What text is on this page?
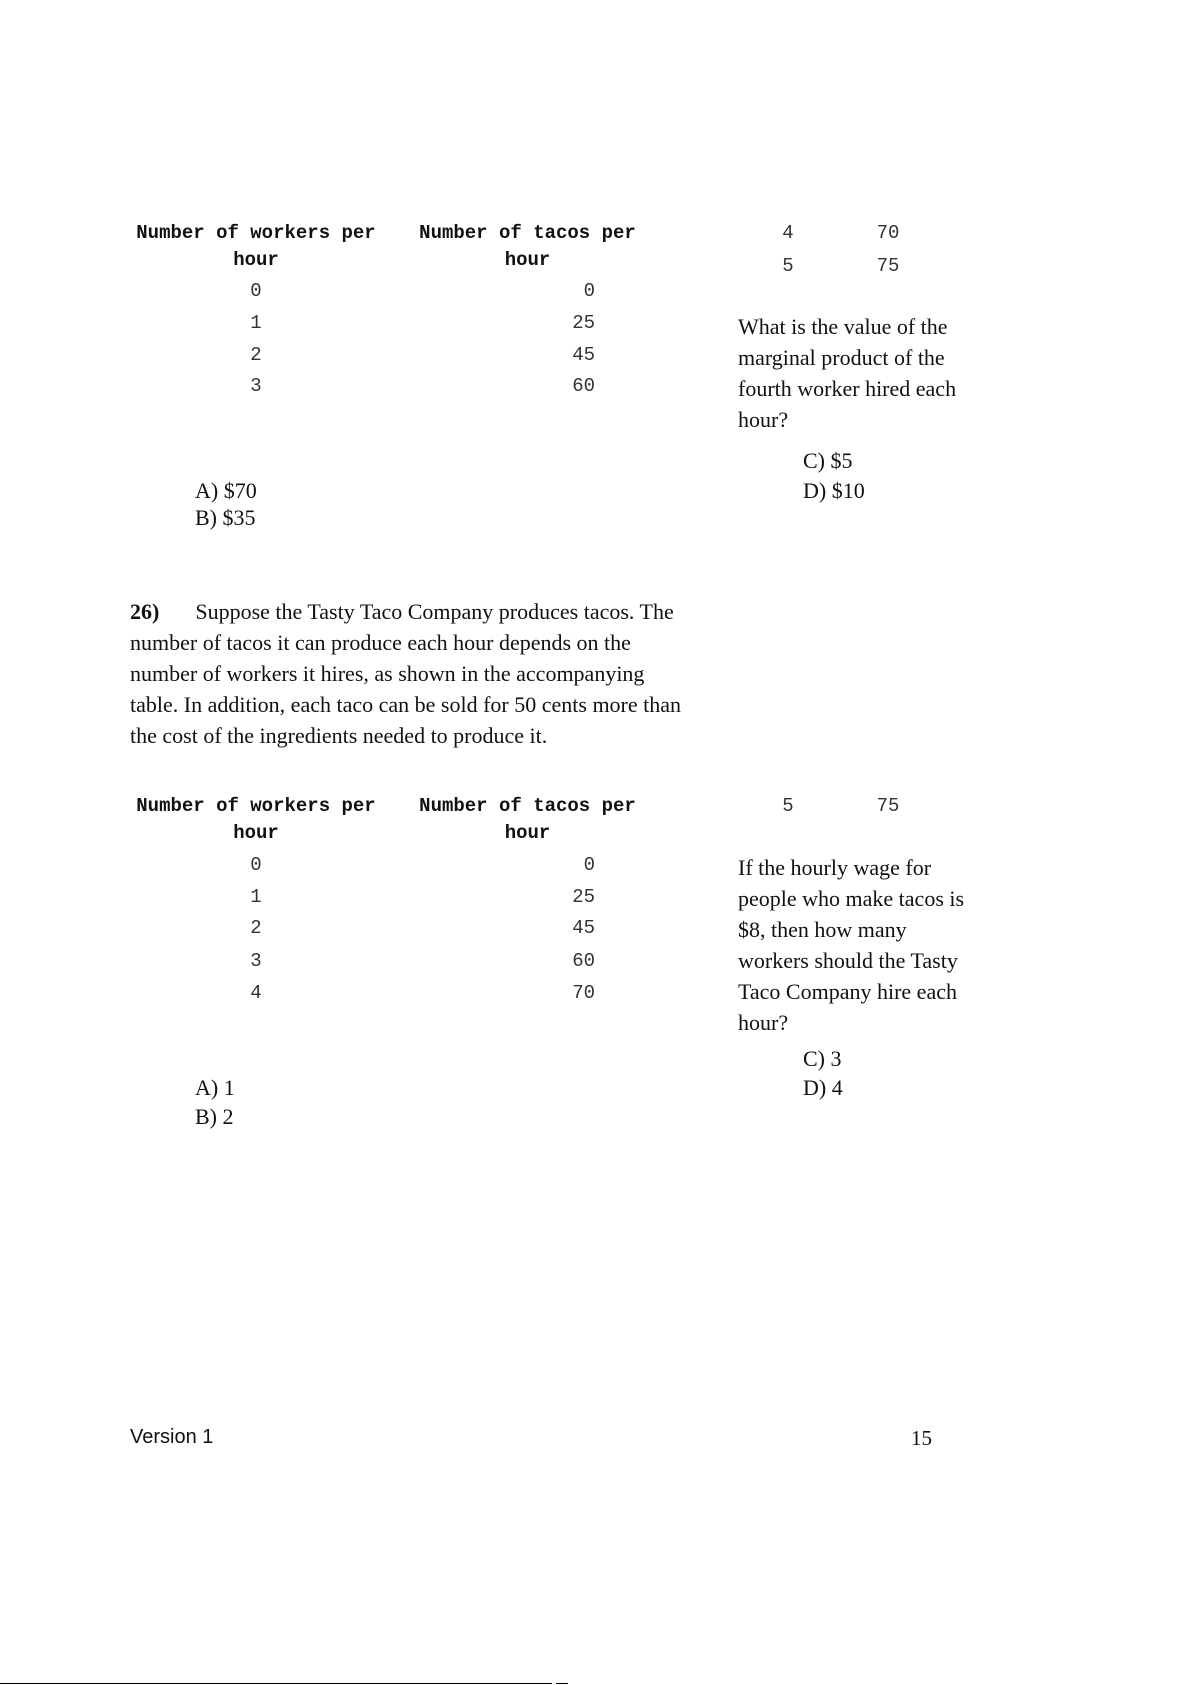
Number of workers per hour
Number of tacos per hour
0	0
1	25
2	45
3	60
4	70
5	75
What is the value of the marginal product of the fourth worker hired each hour?
A) $70
B) $35
C) $5
D) $10
26) Suppose the Tasty Taco Company produces tacos. The number of tacos it can produce each hour depends on the number of workers it hires, as shown in the accompanying table. In addition, each taco can be sold for 50 cents more than the cost of the ingredients needed to produce it.
Number of workers per hour
Number of tacos per hour
0	0
1	25
2	45
3	60
4	70
5	75
If the hourly wage for people who make tacos is $8, then how many workers should the Tasty Taco Company hire each hour?
A) 1
B) 2
C) 3
D) 4
Version 1	15
